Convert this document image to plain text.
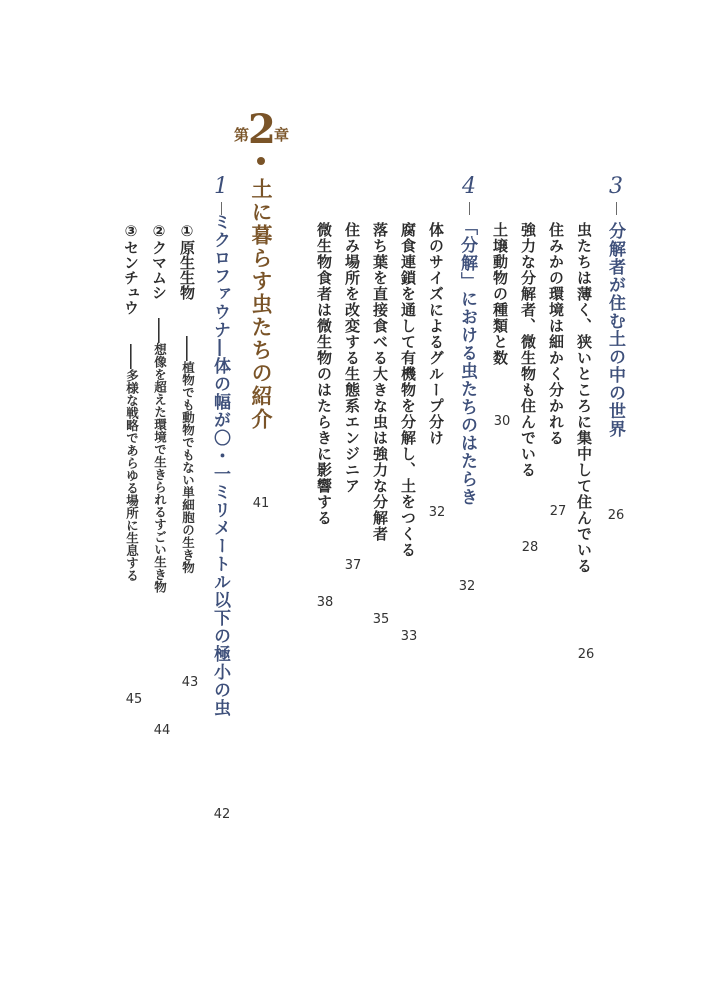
3
分解者が住む土の中の世界
26
虫たちは薄く、狭いところに集中して住んでいる
26
住みかの環境は細かく分かれる
27
強力な分解者、微生物も住んでいる
28
土壌動物の種類と数
30
4
「分解」における虫たちのはたらき
32
体のサイズによるグループ分け
32
腐食連鎖を通して有機物を分解し、土をつくる
33
落ち葉を直接食べる大きな虫は強力な分解者
35
住み場所を改変する生態系エンジニア
37
微生物食者は微生物のはたらきに影響する
38
第
2
章
土に暮らす虫たちの紹介
41
1
ミクロファウナ―体の幅が〇・一ミリメートル以下の極小の虫
42
①原生生物
――植物でも動物でもない単細胞の生き物
43
②クマムシ
――想像を超えた環境で生きられるすごい生き物
44
③センチュウ
――多様な戦略であらゆる場所に生息する
45
